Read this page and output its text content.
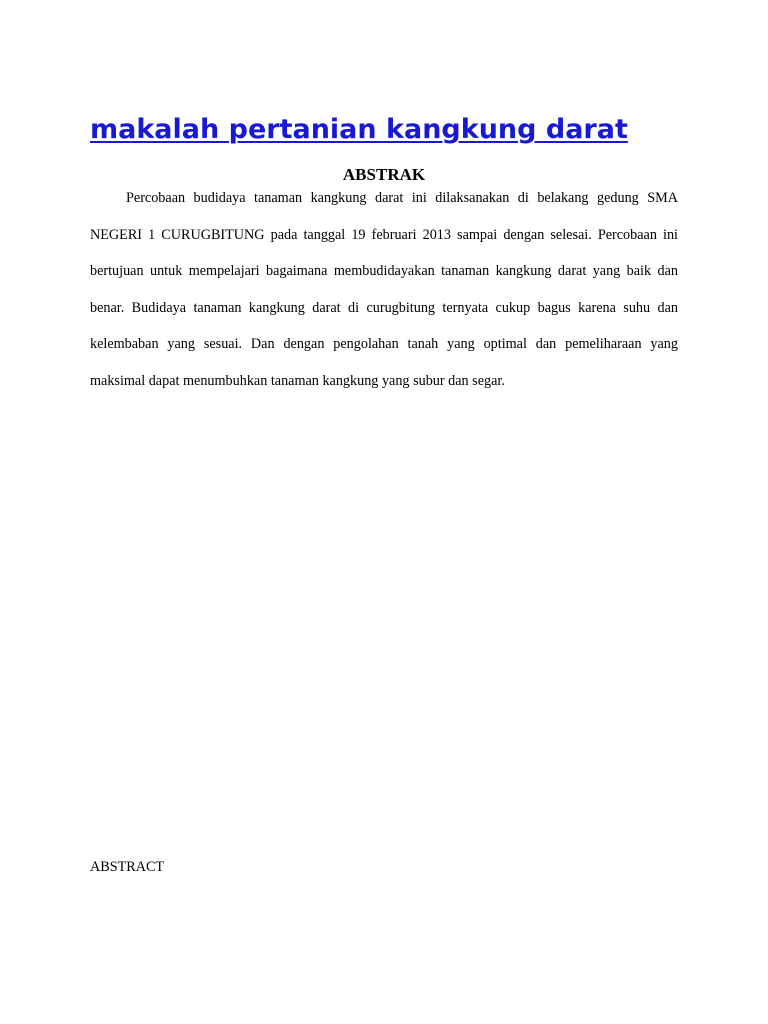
makalah pertanian kangkung darat
ABSTRAK

Percobaan budidaya tanaman kangkung darat ini dilaksanakan di belakang gedung SMA NEGERI 1 CURUGBITUNG pada tanggal 19 februari 2013 sampai dengan selesai. Percobaan ini bertujuan untuk mempelajari bagaimana membudidayakan tanaman kangkung darat yang baik dan benar. Budidaya tanaman kangkung darat di curugbitung ternyata cukup bagus karena suhu dan kelembaban yang sesuai. Dan dengan pengolahan tanah yang optimal dan pemeliharaan yang maksimal dapat menumbuhkan tanaman kangkung yang subur dan segar.

ABSTRACT
